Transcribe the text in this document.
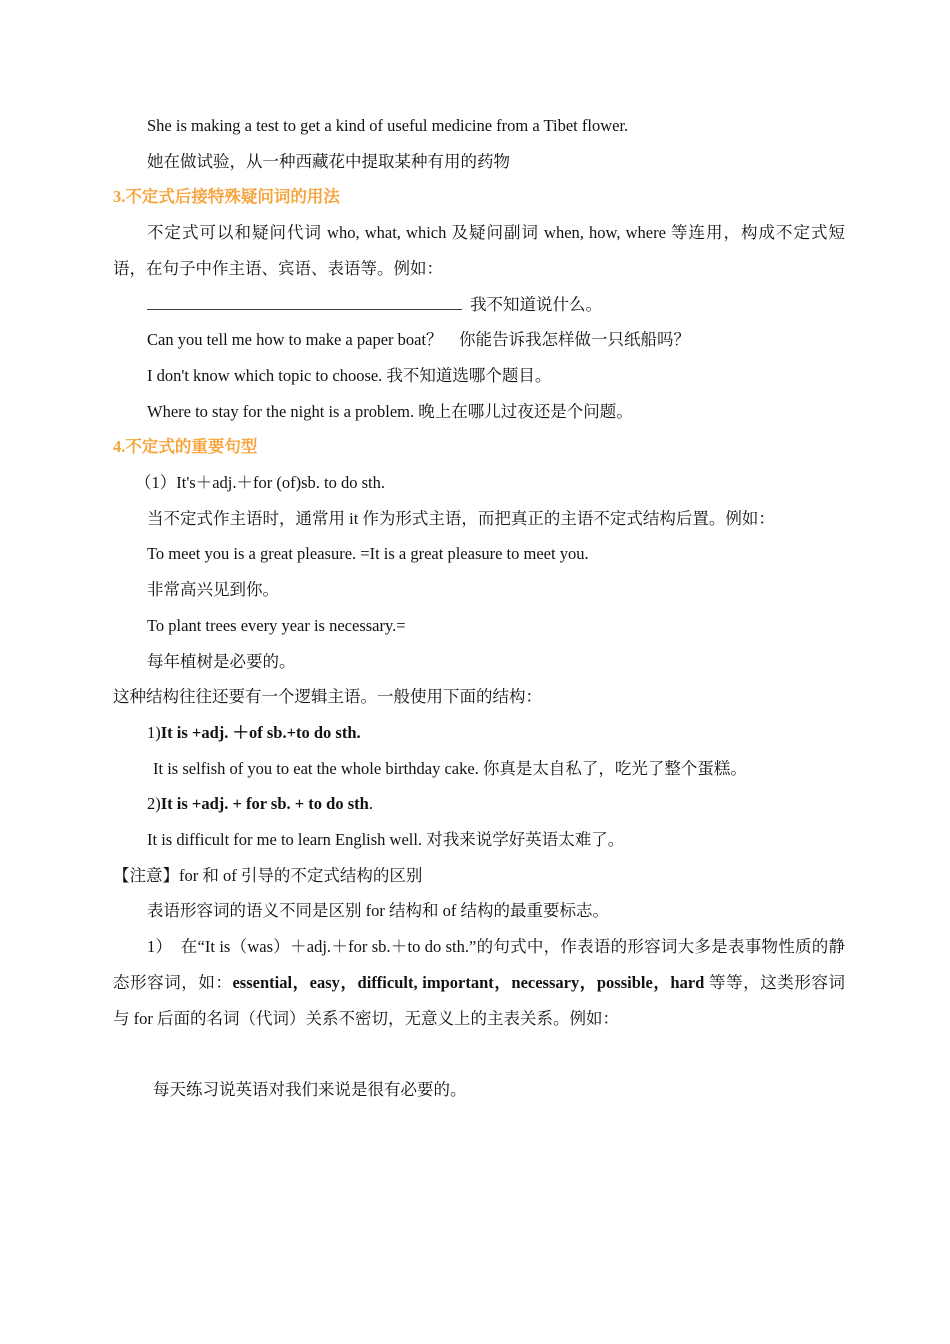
She is making a test to get a kind of useful medicine from a Tibet flower.

她在做试验，从一种西藏花中提取某种有用的药物

3.不定式后接特殊疑问词的用法

不定式可以和疑问代词 who, what, which 及疑问副词 when, how, where 等连用，构成不定式短语，在句子中作主语、宾语、表语等。例如：

我不知道说什么。

Can you tell me how to make a paper boat？　你能告诉我怎样做一只纸船吗？

I don't know which topic to choose. 我不知道选哪个题目。

Where to stay for the night is a problem. 晚上在哪儿过夜还是个问题。

4.不定式的重要句型

（1）It's＋adj.＋for (of)sb. to do sth.

当不定式作主语时，通常用 it 作为形式主语，而把真正的主语不定式结构后置。例如：

To meet you is a great pleasure. =It is a great pleasure to meet you.

非常高兴见到你。

To plant trees every year is necessary.=

每年植树是必要的。

这种结构往往还要有一个逻辑主语。一般使用下面的结构：

1)It is +adj. ＋of sb.+to do sth.

It is selfish of you to eat the whole birthday cake. 你真是太自私了，吃光了整个蛋糕。

2)It is +adj. + for sb. + to do sth.

It is difficult for me to learn English well. 对我来说学好英语太难了。

【注意】for 和 of 引导的不定式结构的区别

表语形容词的语义不同是区别 for 结构和 of 结构的最重要标志。

1）　在“It is（was）＋adj.＋for sb.＋to do sth.”的句式中，作表语的形容词大多是表事物性质的静态形容词，如：essential，easy，difficult, important，necessary，possible，hard 等等，这类形容词与 for 后面的名词（代词）关系不密切，无意义上的主表关系。例如：

每天练习说英语对我们来说是很有必要的。
